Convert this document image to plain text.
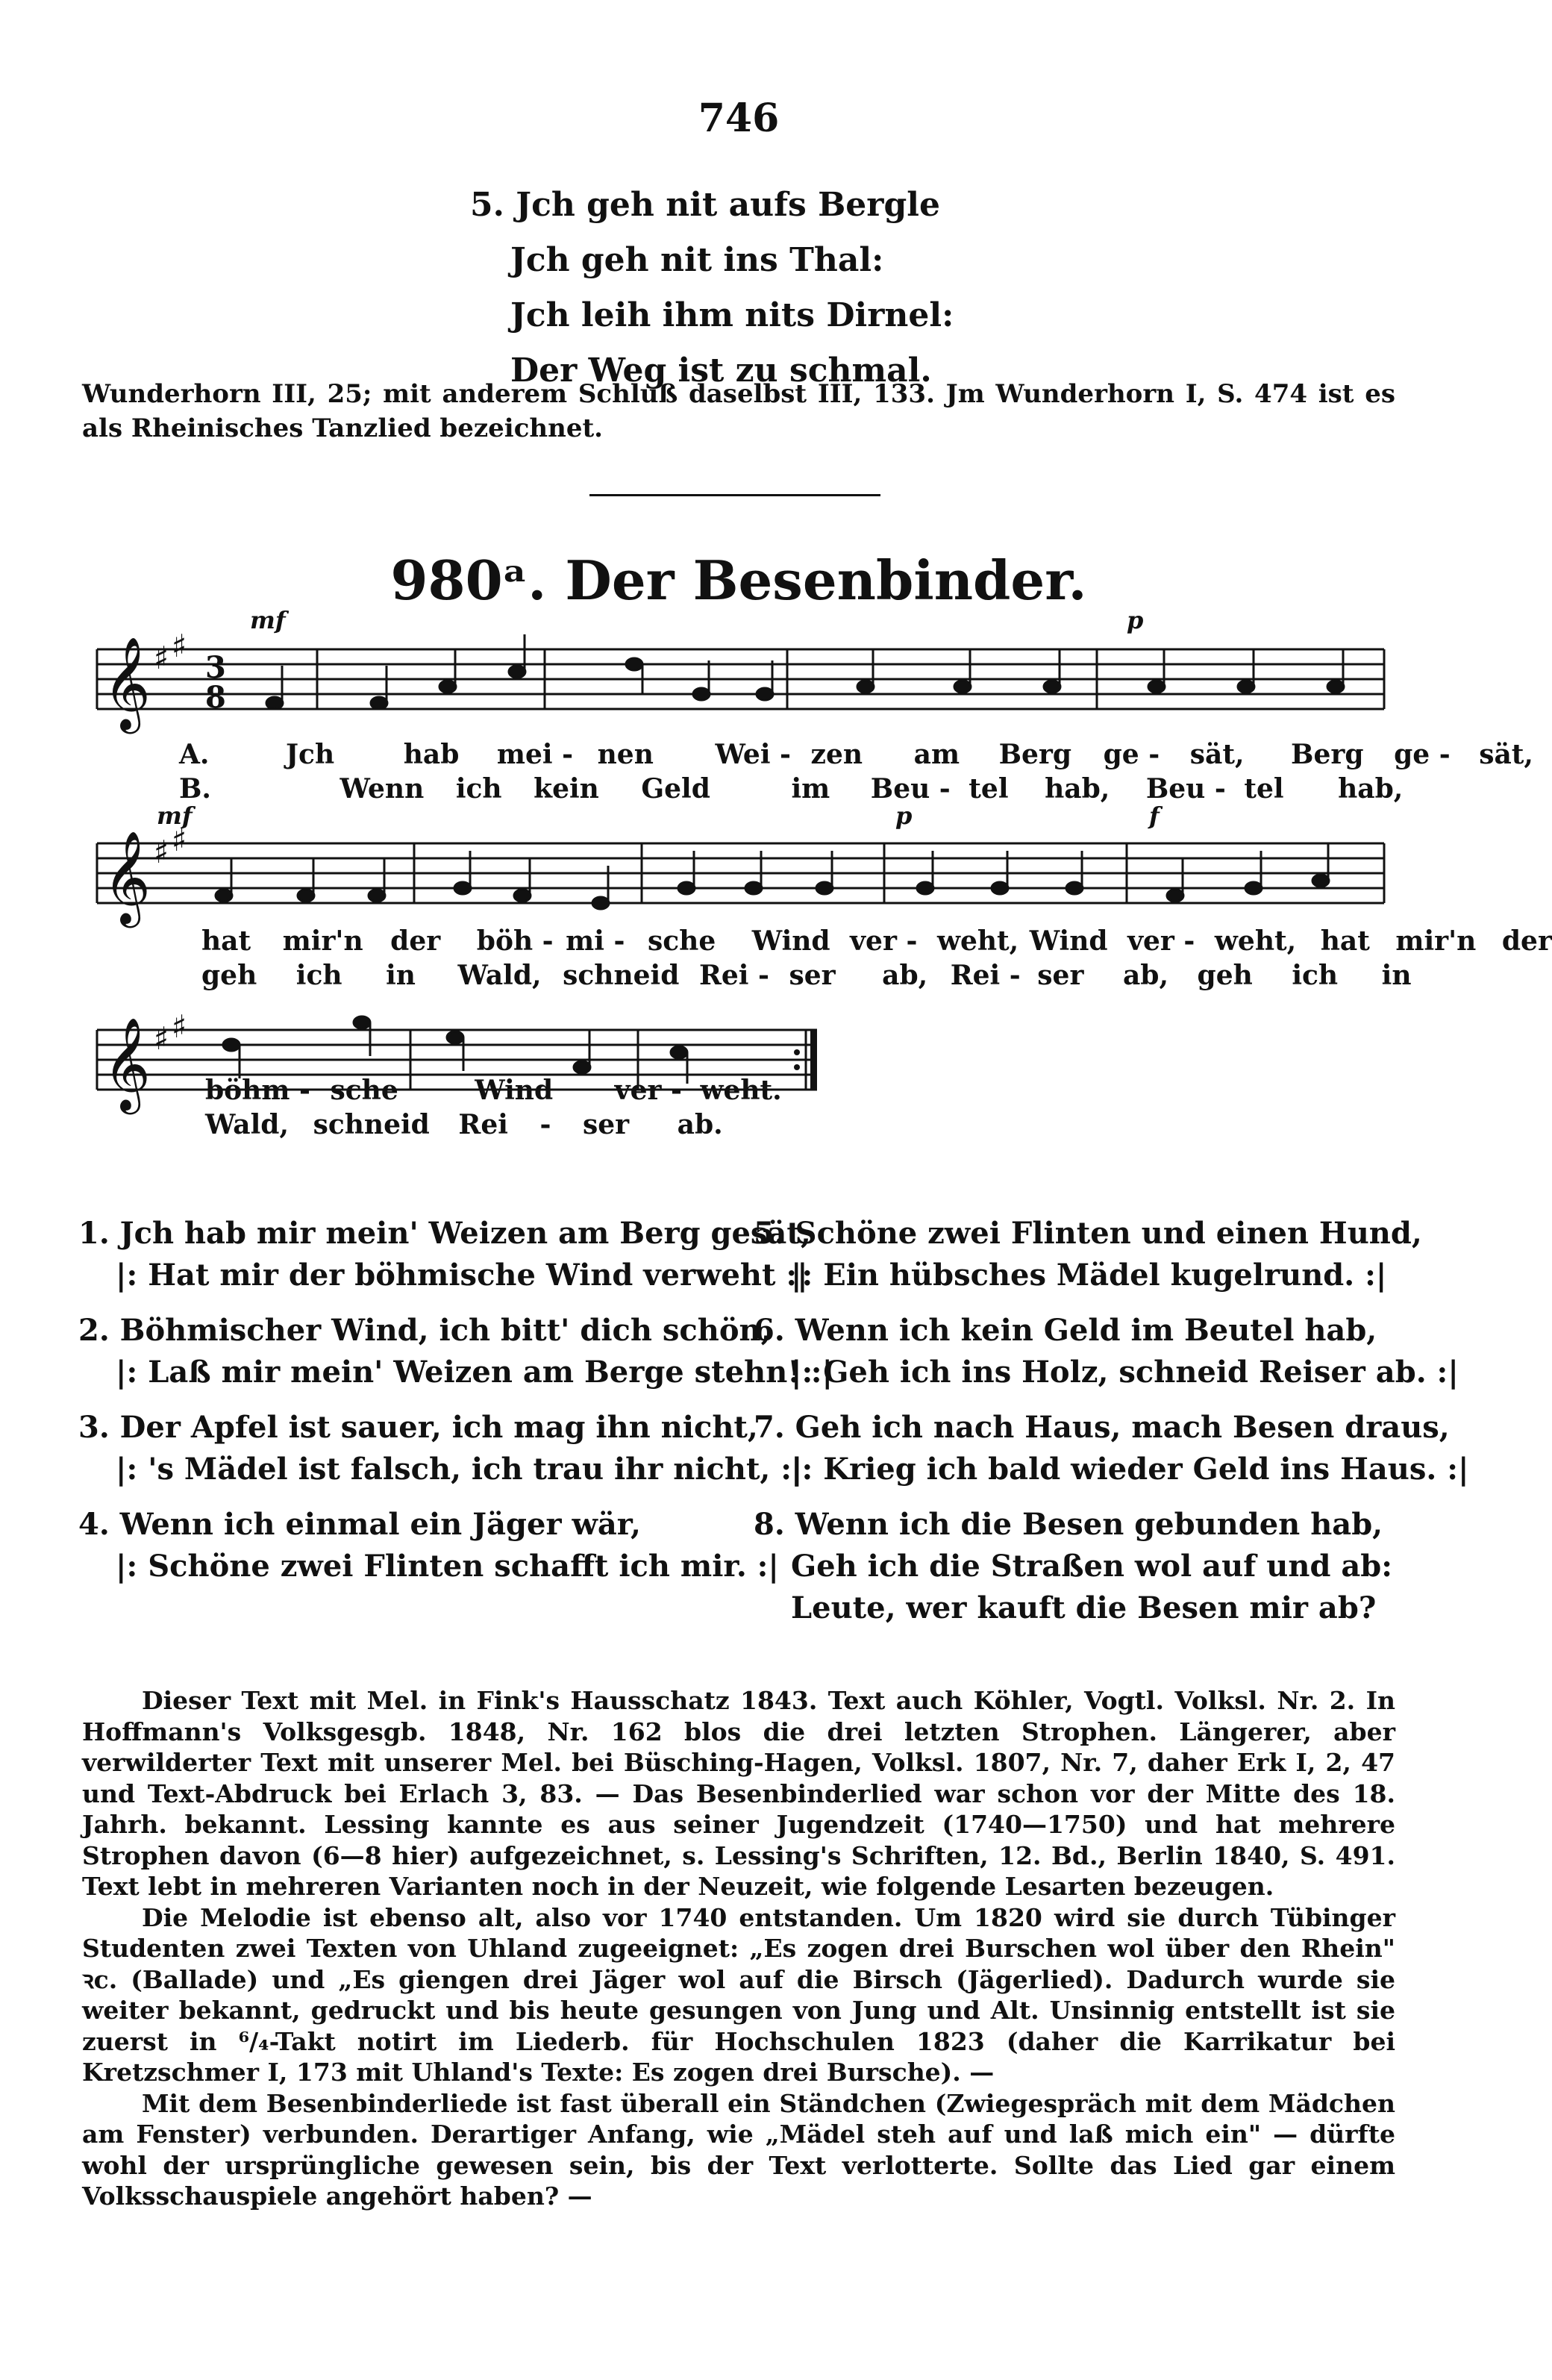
746
5. Jch geh nit aufs Bergle
Jch geh nit ins Thal:
Jch leih ihm nits Dirnel:
Der Weg ist zu schmal.
Wunderhorn III, 25; mit anderem Schluß daselbst III, 133. Jm Wunderhorn I, S. 474 ist es als Rheinisches Tanzlied bezeichnet.
980ᵃ. Der Besenbinder.
𝄞 ♯ ♯
3
8
mf	p
A.	Jch	hab mei - nen Wei - zen am Berg ge - sät, Berg ge - sät,
B.	Wenn ich kein Geld	im Beu - tel hab, Beu - tel hab,
𝄞 ♯ ♯
mf	p	f
hat mir'n der böh - mi - sche Wind ver - weht, Wind ver - weht, hat mir'n der
geh ich in Wald, schneid Rei - ser ab, Rei - ser ab, geh ich in
𝄞 ♯ ♯
böhm - sche	Wind ver - weht.
Wald, schneid Rei - ser ab.
1. Jch hab mir mein' Weizen am Berg gesät,
|: Hat mir der böhmische Wind verweht :|
2. Böhmischer Wind, ich bitt' dich schön,
|: Laß mir mein' Weizen am Berge stehn! :|
3. Der Apfel ist sauer, ich mag ihn nicht,
|: 's Mädel ist falsch, ich trau ihr nicht, :|
4. Wenn ich einmal ein Jäger wär,
|: Schöne zwei Flinten schafft ich mir. :|
5. Schöne zwei Flinten und einen Hund,
|: Ein hübsches Mädel kugelrund. :|
6. Wenn ich kein Geld im Beutel hab,
|: Geh ich ins Holz, schneid Reiser ab. :|
7. Geh ich nach Haus, mach Besen draus,
|: Krieg ich bald wieder Geld ins Haus. :|
8. Wenn ich die Besen gebunden hab,
Geh ich die Straßen wol auf und ab:
Leute, wer kauft die Besen mir ab?

Dieser Text mit Mel. in Fink's Hausschatz 1843. Text auch Köhler, Vogtl. Volksl. Nr. 2. In Hoffmann's Volksgesgb. 1848, Nr. 162 blos die drei letzten Strophen. Längerer, aber verwilderter Text mit unserer Mel. bei Büsching-Hagen, Volksl. 1807, Nr. 7, daher Erk I, 2, 47 und Text-Abdruck bei Erlach 3, 83. — Das Besenbinderlied war schon vor der Mitte des 18. Jahrh. bekannt. Lessing kannte es aus seiner Jugendzeit (1740—1750) und hat mehrere Strophen davon (6—8 hier) aufgezeichnet, s. Lessing's Schriften, 12. Bd., Berlin 1840, S. 491. Text lebt in mehreren Varianten noch in der Neuzeit, wie folgende Lesarten bezeugen.

Die Melodie ist ebenso alt, also vor 1740 entstanden. Um 1820 wird sie durch Tübinger Studenten zwei Texten von Uhland zugeeignet: „Es zogen drei Burschen wol über den Rhein" ꝛc. (Ballade) und „Es giengen drei Jäger wol auf die Birsch (Jägerlied). Dadurch wurde sie weiter bekannt, gedruckt und bis heute gesungen von Jung und Alt. Unsinnig entstellt ist sie zuerst in ⁶/₄-Takt notirt im Liederb. für Hochschulen 1823 (daher die Karrikatur bei Kretzschmer I, 173 mit Uhland's Texte: Es zogen drei Bursche). —

Mit dem Besenbinderliede ist fast überall ein Ständchen (Zwiegespräch mit dem Mädchen am Fenster) verbunden. Derartiger Anfang, wie „Mädel steh auf und laß mich ein" — dürfte wohl der ursprüngliche gewesen sein, bis der Text verlotterte. Sollte das Lied gar einem Volksschauspiele angehört haben? —
